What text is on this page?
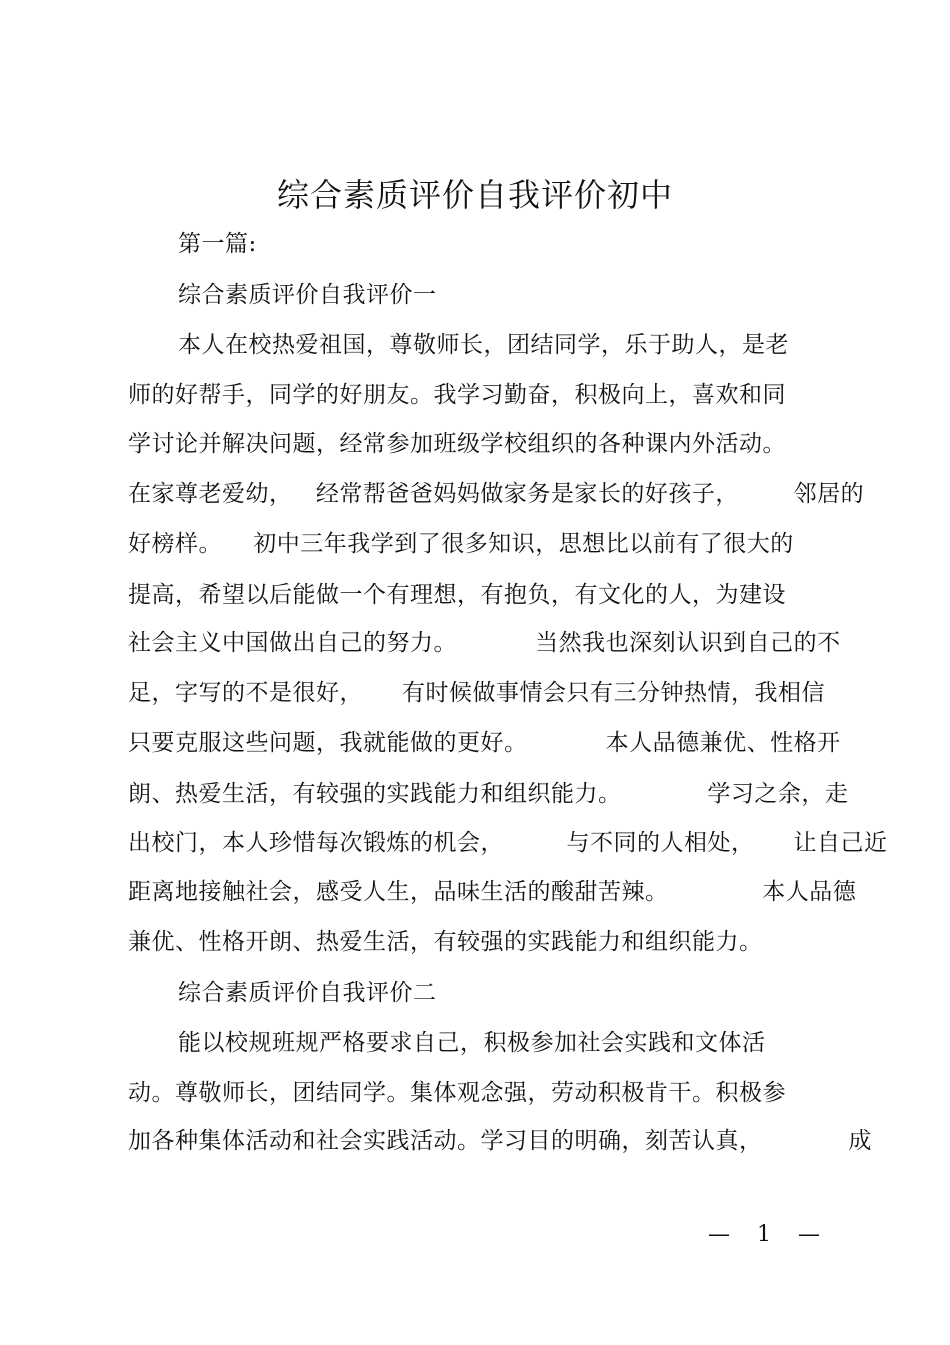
综合素质评价自我评价初中
第一篇:
综合素质评价自我评价一
本人在校热爱祖国，尊敬师长，团结同学，乐于助人，是老
师的好帮手，同学的好朋友。我学习勤奋，积极向上，喜欢和同
学讨论并解决问题，经常参加班级学校组织的各种课内外活动。
在家尊老爱幼，   经常帮爸爸妈妈做家务是家长的好孩子，       邻居的
好榜样。    初中三年我学到了很多知识，思想比以前有了很大的
提高，希望以后能做一个有理想，有抱负，有文化的人，为建设
社会主义中国做出自己的努力。          当然我也深刻认识到自己的不
足，字写的不是很好，     有时候做事情会只有三分钟热情，我相信
只要克服这些问题，我就能做的更好。          本人品德兼优、性格开
朗、热爱生活，有较强的实践能力和组织能力。           学习之余，走
出校门，本人珍惜每次锻炼的机会，        与不同的人相处，     让自己近
距离地接触社会，感受人生，品味生活的酸甜苦辣。            本人品德
兼优、性格开朗、热爱生活，有较强的实践能力和组织能力。
综合素质评价自我评价二
能以校规班规严格要求自己，积极参加社会实践和文体活
动。尊敬师长，团结同学。集体观念强，劳动积极肯干。积极参
加各种集体活动和社会实践活动。学习目的明确，刻苦认真，           成
— 1 —
